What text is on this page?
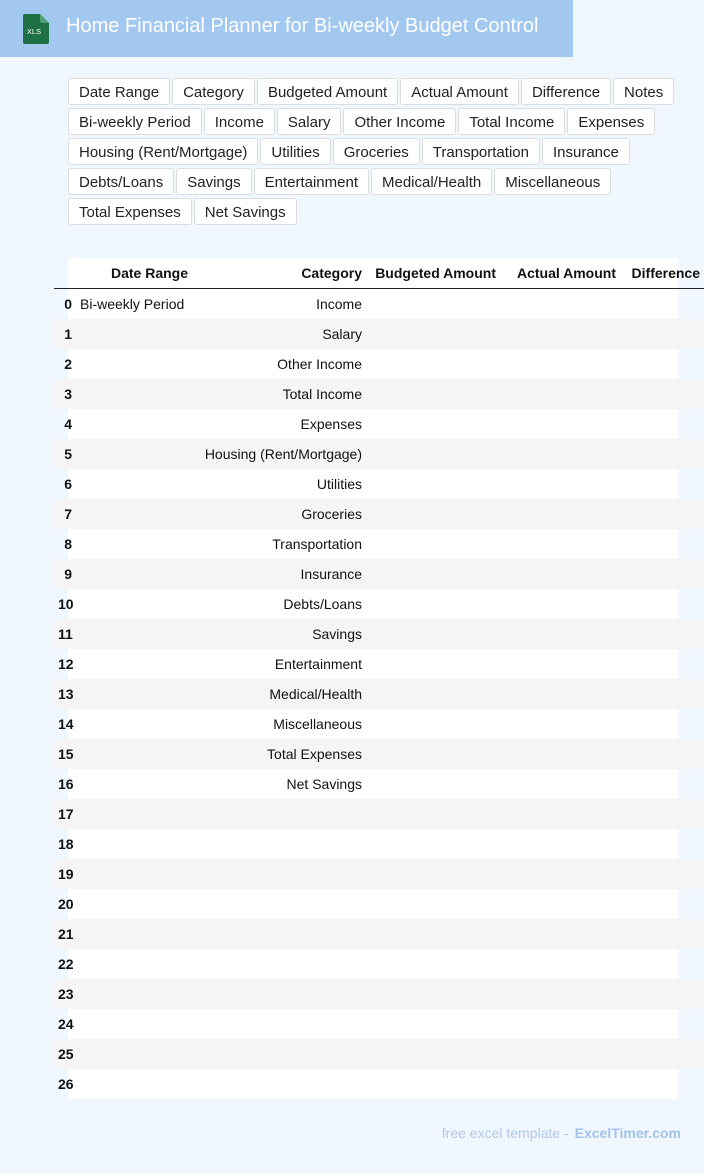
XLS Home Financial Planner for Bi-weekly Budget Control
Date Range	Category	Budgeted Amount	Actual Amount	Difference	Notes
Bi-weekly Period	Income	Salary	Other Income	Total Income	Expenses
Housing (Rent/Mortgage)	Utilities	Groceries	Transportation	Insurance
Debts/Loans	Savings	Entertainment	Medical/Health	Miscellaneous
Total Expenses	Net Savings
	Date Range	Category	Budgeted Amount	Actual Amount	Difference
0	Bi-weekly Period	Income			
1		Salary			
2		Other Income			
3		Total Income			
4		Expenses			
5		Housing (Rent/Mortgage)			
6		Utilities			
7		Groceries			
8		Transportation			
9		Insurance			
10		Debts/Loans			
11		Savings			
12		Entertainment			
13		Medical/Health			
14		Miscellaneous			
15		Total Expenses			
16		Net Savings			
17					
18					
19					
20					
21					
22					
23					
24					
25					
26					
free excel template - ExcelTimer.com
